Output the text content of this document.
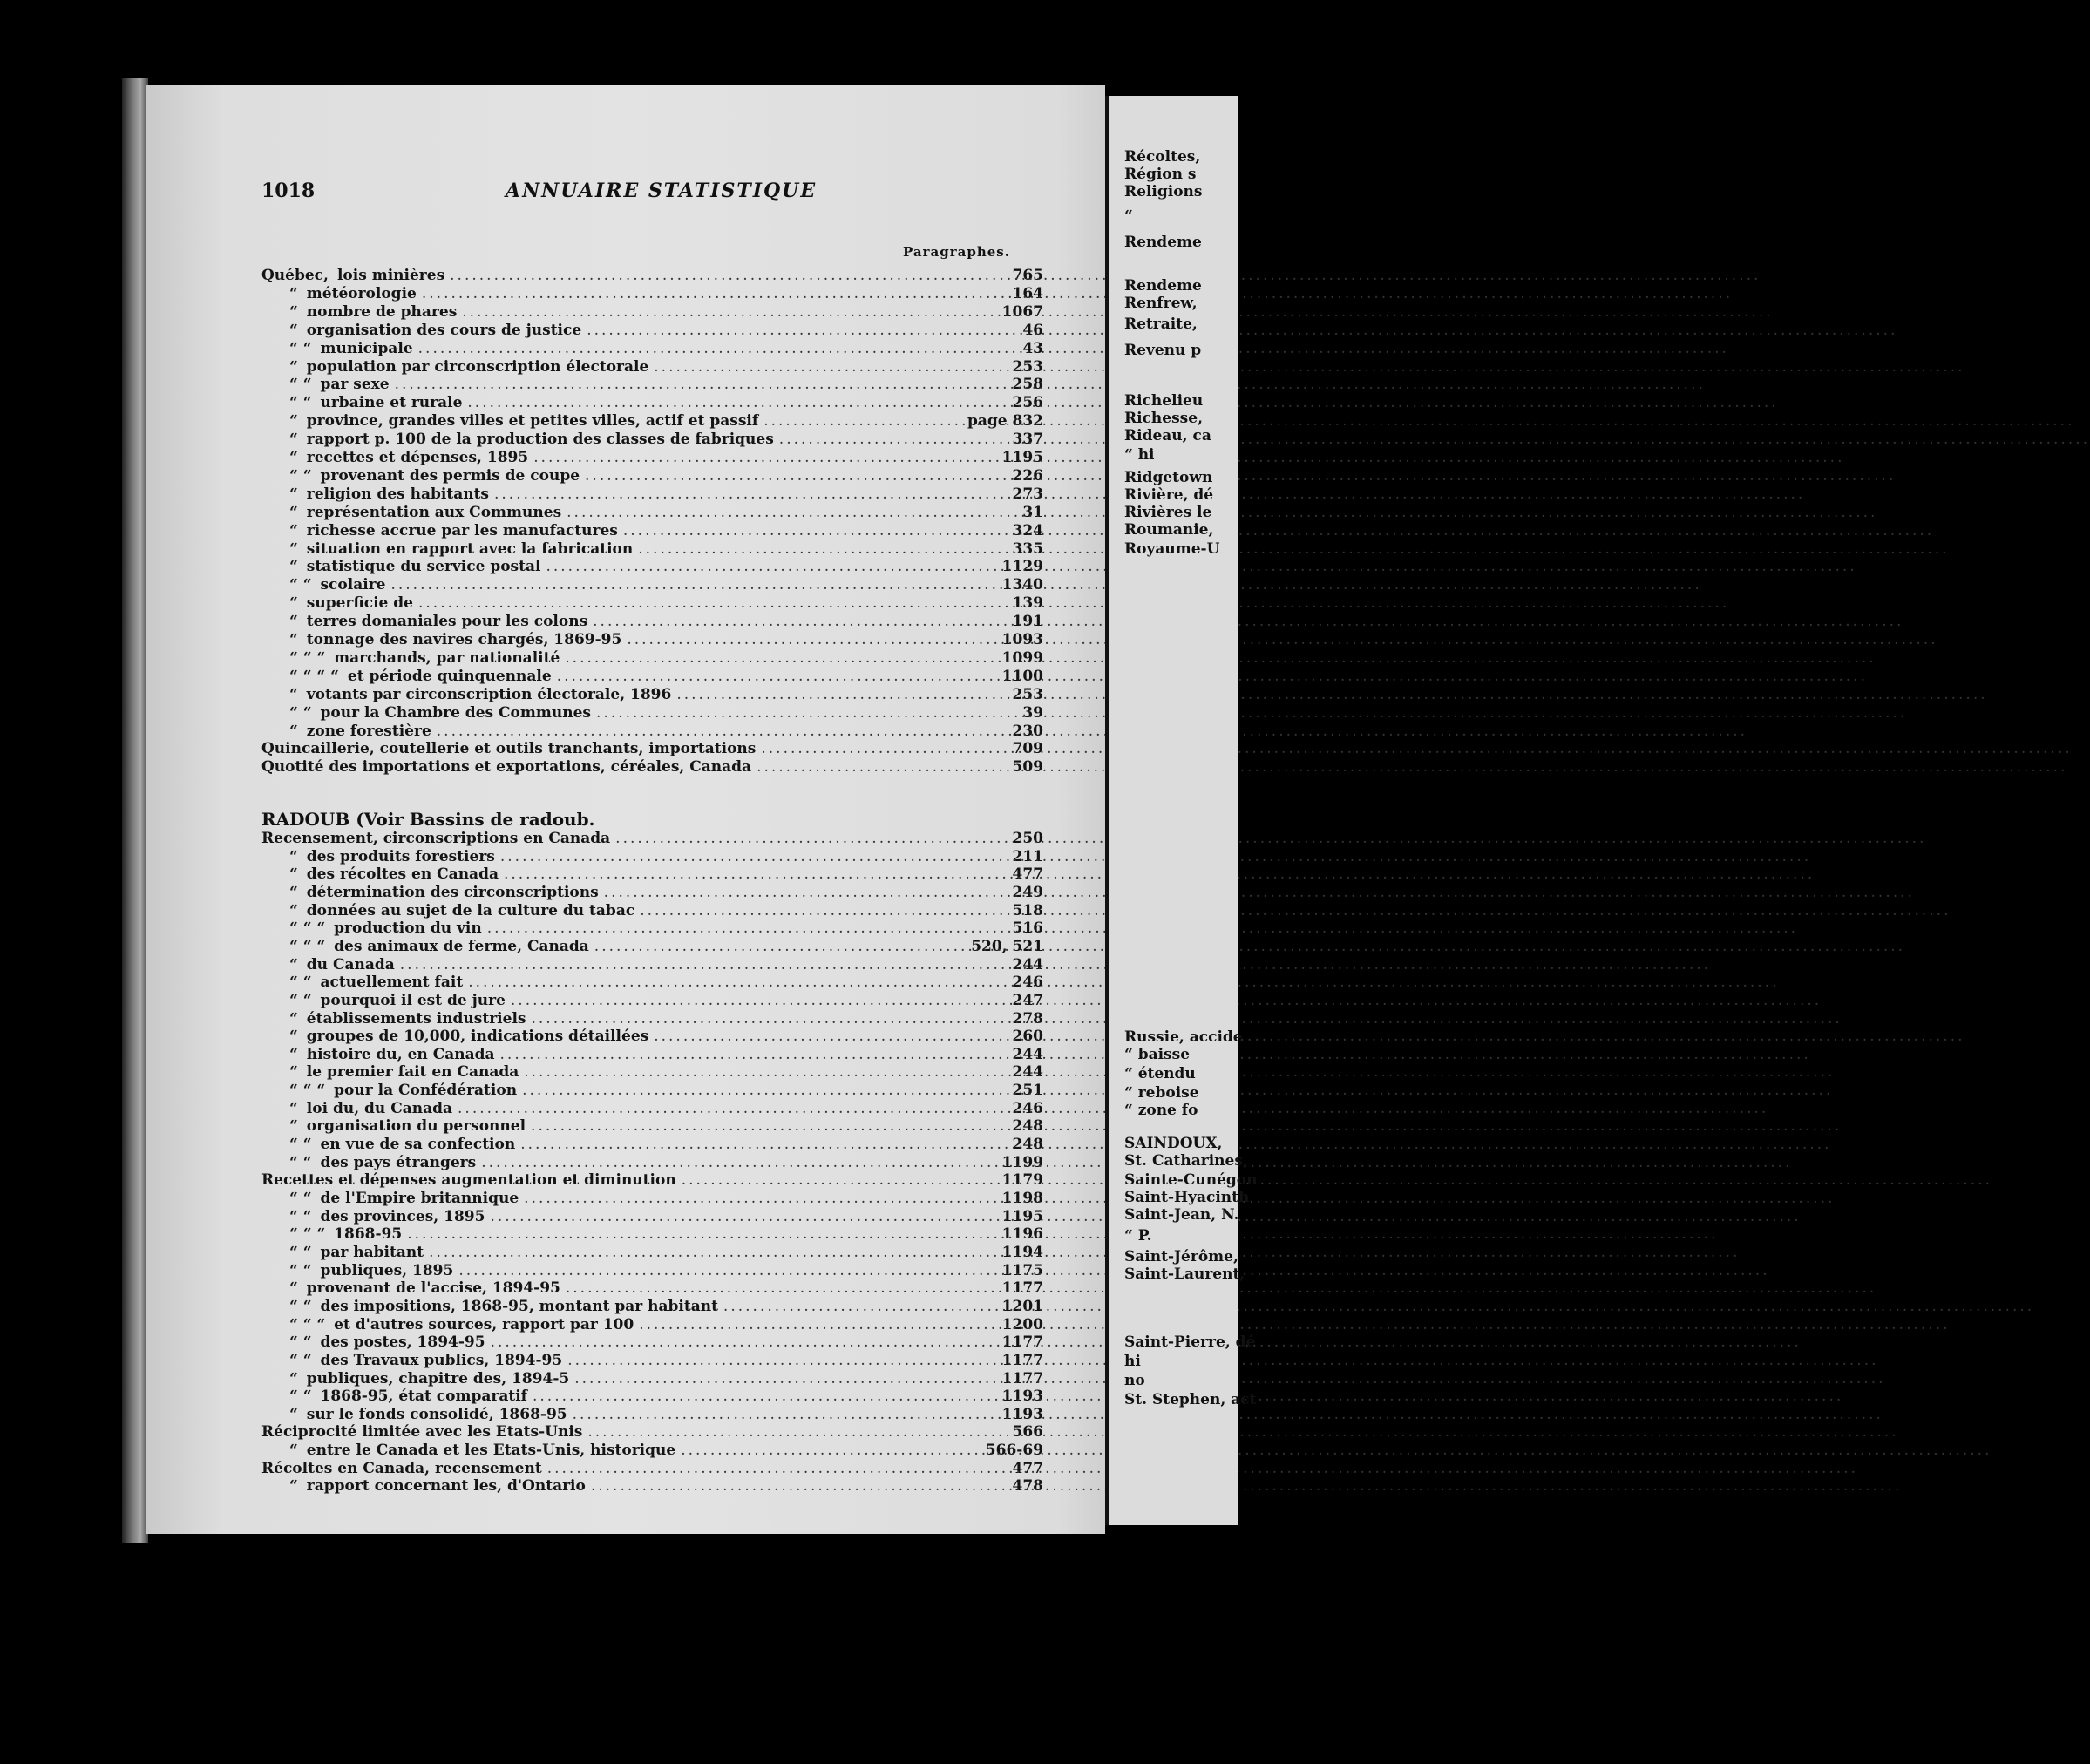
1018	ANNUAIRE STATISTIQUE
Paragraphes.
Québec, lois minières .....	765
“ météorologie .....	164
“ nombre de phares .....	1067
“ organisation des cours de justice .....	46
“ “ municipale .....	43
“ population par circonscription électorale .....	253
“ “ par sexe .....	258
“ “ urbaine et rurale .....	256
“ province, grandes villes et petites villes, actif et passif .....	page 832
“ rapport p. 100 de la production des classes de fabriques .....	337
“ recettes et dépenses, 1895 .....	1195
“ “ provenant des permis de coupe .....	226
“ religion des habitants .....	273
“ représentation aux Communes .....	31
“ richesse accrue par les manufactures .....	324
“ situation en rapport avec la fabrication .....	335
“ statistique du service postal .....	1129
“ “ scolaire .....	1340
“ superficie de .....	139
“ terres domaniales pour les colons .....	191
“ tonnage des navires chargés, 1869-95 .....	1093
“ “ “ marchands, par nationalité .....	1099
“ “ “ “ et période quinquennale .....	1100
“ votants par circonscription électorale, 1896 .....	253
“ “ pour la Chambre des Communes .....	39
“ zone forestière .....	230
Quincaillerie, coutellerie et outils tranchants, importations .....	709
Quotité des importations et exportations, céréales, Canada .....	509
Recensement, circonscriptions en Canada .....	250
“ des produits forestiers .....	211
“ des récoltes en Canada .....	477
“ détermination des circonscriptions .....	249
“ données au sujet de la culture du tabac .....	518
“ “ “ production du vin .....	516
“ “ “ des animaux de ferme, Canada .....	520, 521
“ du Canada .....	244
“ “ actuellement fait .....	246
“ “ pourquoi il est de jure .....	247
“ établissements industriels .....	278
“ groupes de 10,000, indications détaillées .....	260
“ histoire du, en Canada .....	244
“ le premier fait en Canada .....	244
“ “ “ pour la Confédération .....	251
“ loi du, du Canada .....	246
“ organisation du personnel .....	248
“ “ en vue de sa confection .....	248
“ “ des pays étrangers .....	1199
Recettes et dépenses augmentation et diminution .....	1179
“ “ de l'Empire britannique .....	1198
“ “ des provinces, 1895 .....	1195
“ “ “ 1868-95 .....	1196
“ “ par habitant .....	1194
“ “ publiques, 1895 .....	1175
“ provenant de l'accise, 1894-95 .....	1177
“ “ des impositions, 1868-95, montant par habitant .....	1201
“ “ “ et d'autres sources, rapport par 100 .....	1200
“ “ des postes, 1894-95 .....	1177
“ “ des Travaux publics, 1894-95 .....	1177
“ publiques, chapitre des, 1894-5 .....	1177
“ “ 1868-95, état comparatif .....	1193
“ sur le fonds consolidé, 1868-95 .....	1193
Réciprocité limitée avec les Etats-Unis .....	566
“ entre le Canada et les Etats-Unis, historique .....	566-69
Récoltes en Canada, recensement .....	477
“ rapport concernant les, d'Ontario .....	478
RADOUB (Voir Bassins de radoub.
Récoltes,
Région s
Religions
“
Rendeme
Rendeme
Renfrew,
Retraite,
Revenu p
Richelieu
Richesse,
Rideau, ca
“ hi
Ridgetown
Rivière, dé
Rivières le
Roumanie,
Royaume-U
Russie, accide
“ baisse
“ étendu
“ reboise
“ zone fo
SAINDOUX,
St. Catharines,
Sainte-Cunégon
Saint-Hyacinth
Saint-Jean, N.
“ P.
Saint-Jérôme,
Saint-Laurent,
Saint-Pierre, dé
hi
no
St. Stephen, act
